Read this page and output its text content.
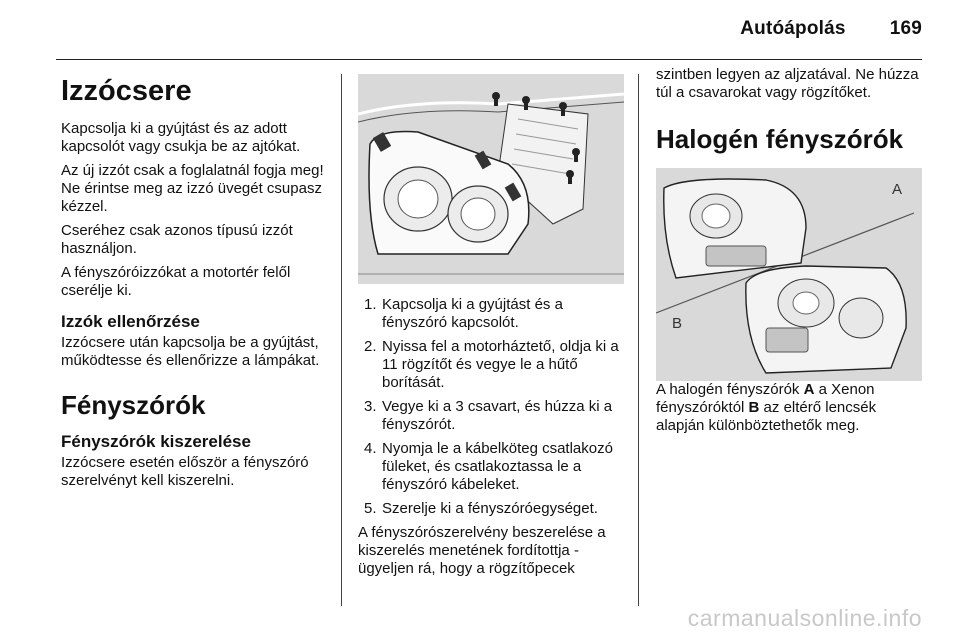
Autóápolás 169
Izzócsere

Kapcsolja ki a gyújtást és az adott kapcsolót vagy csukja be az ajtókat.

Az új izzót csak a foglalatnál fogja meg! Ne érintse meg az izzó üvegét csupasz kézzel.

Cseréhez csak azonos típusú izzót használjon.

A fényszóróizzókat a motortér felől cserélje ki.

Izzók ellenőrzése

Izzócsere után kapcsolja be a gyújtást, működtesse és ellenőrizze a lámpákat.

Fényszórók
Fényszórók kiszerelése

Izzócsere esetén először a fényszóró szerelvényt kell kiszerelni.

1. Kapcsolja ki a gyújtást és a fényszóró kapcsolót.
2. Nyissa fel a motorháztető, oldja ki a 11 rögzítőt és vegye le a hűtő borítását.
3. Vegye ki a 3 csavart, és húzza ki a fényszórót.
4. Nyomja le a kábelköteg csatlakozó füleket, és csatlakoztassa le a fényszóró kábeleket.
5. Szerelje ki a fényszóróegységet.

A fényszórószerelvény beszerelése a kiszerelés menetének fordítottja - ügyeljen rá, hogy a rögzítőpecek

szintben legyen az aljzatával. Ne húzza túl a csavarokat vagy rögzítőket.

Halogén fényszórók
A
B

A halogén fényszórók A a Xenon fényszóróktól B az eltérő lencsék alapján különböztethetők meg.

carmanualsonline.info
